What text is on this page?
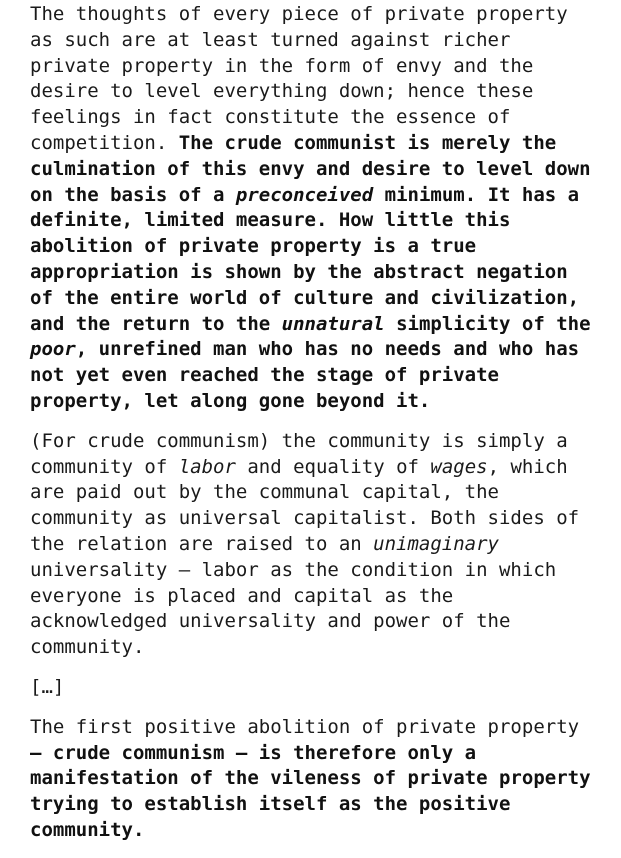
The thoughts of every piece of private property
as such are at least turned against richer
private property in the form of envy and the
desire to level everything down; hence these
feelings in fact constitute the essence of
competition. The crude communist is merely the
culmination of this envy and desire to level down
on the basis of a preconceived minimum. It has a
definite, limited measure. How little this
abolition of private property is a true
appropriation is shown by the abstract negation
of the entire world of culture and civilization,
and the return to the unnatural simplicity of the
poor, unrefined man who has no needs and who has
not yet even reached the stage of private
property, let along gone beyond it.
(For crude communism) the community is simply a
community of labor and equality of wages, which
are paid out by the communal capital, the
community as universal capitalist. Both sides of
the relation are raised to an unimaginary
universality — labor as the condition in which
everyone is placed and capital as the
acknowledged universality and power of the
community.
[…]
The first positive abolition of private property
— crude communism — is therefore only a
manifestation of the vileness of private property
trying to establish itself as the positive
community.
